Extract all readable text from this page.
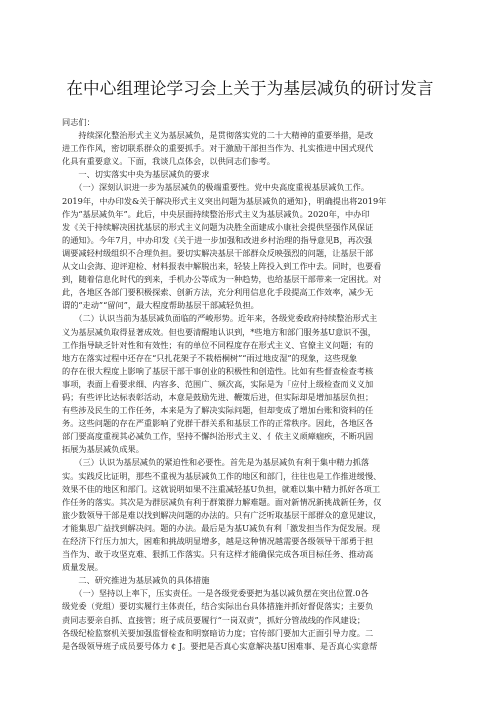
在中心组理论学习会上关于为基层减负的研讨发言
同志们：

　　持续深化整治形式主义为基层减负，是贯彻落实党的二十大精神的重要举措，是改
进工作作风，密切联系群众的重要抓手。对于激励干部担当作为、扎实推进中国式现代
化具有重要意义。下面，我谈几点体会，以供同志们参考。

　　一、切实落实中央为基层减负的要求

　　（一）深刻认识进一步为基层减负的极端重要性。党中央高度重视基层减负工作。
2019年，中办印发&关于解决形式主义突出问题为基层减负的通知}，明确提出将2019年
作为“基层减负年”。此后，中央层面持续整治形式主义为基层减负。2020年，中办印
发《关于持续解决困扰基层的形式主义问题为决胜全面建成小康社会提供坚强作风保证
的通知》。今年7月，中办印发《关于进一步加强和改进乡村治理的指导意见B，再次强
调要减轻村级组织不合理负担。要切实解决基层干部群众反映强烈的问题，让基层干部
从文山会海、迎评迎检、材料报表中解脱出来，轻装上阵投入到工作中去。同时，也要看
到，随着信息化时代的到来，手机办公等成为一种趋势，也给基层干部带来一定困扰。对
此，各地区各部门要积极探索、创新方法，充分利用信息化手段提高工作效率，减少无
谓的“走动”“留问”，最大程度帮助基层干部减轻负担。

　　（二）认识当前为基层减负面临的严峻形势。近年来，各级党委政府持续整治形式主
义为基层减负取得显著成效。但也要清醒地认识到，*些地方和部门服务基U意识不强，
工作指导缺乏针对性和有效性；有的单位不同程度存在形式主义、官僚主义问题；有的
地方在落实过程中还存在“只扎花架子不栽梧桐树”“雨过地皮湿”的现象，这些现象
的存在很大程度上影响了基层干部干事创业的积极性和创造性。比如有些督查检查考核
事项，表面上看要求细、内容多、范围广、频次高，实际是为「应付上级检查而义义加
码；有些评比达标表彰活动，本意是鼓励先进、鞭策后进，但实际却是增加基层负担；
有些涉及民生的工作任务，本来是为了解决实际问题，但却变成了增加台账和资料的任
务。这些问题的存在严重影响了党群干群关系和基层工作的正常秩序。因此，各地区各
部门要高度重视其必减负工作，坚持不懈纠治形式主义、亻依主义顽瘴痼疾，不断巩固
拓展为基层减负成果。

　　（三）认识为基层减负的紧迫性和必要性。首先是为基层减负有利于集中精力抓落
实。实践反比证明，那些不重视为基层减负工作的地区和部门，往往也是工作推进缓慢、
效果不佳的地区和部门。这就说明如果不注重减轻基U负担，就难以集中精力抓好各项工
作任务的落实。其次是为群层减负有利于群策群力解难题。面对新情况新挑战新任务，仅
旅少数领导干部是难以找到解决问题的办法的。只有广泛听取基层干部群众的意见建议，
才能集思广益找到解决问。题的办法。最后是为基U减负有利「激发担当作为促发展。现
在经济下行压力加大，困难和挑战明显增多，越是这种情况越需要各级领导干部勇于担
当作为、敢于攻坚克难、狠抓工作落实。只有这样才能确保完成各项目标任务、推动高
质量发展。

　　二、研究推进为基层减负的具体措施

　　（一）坚持以上率下，压实责任。一是各级党委要把为基以减负摆在突出位置.0各
级党委（党组）要切实履行主体责任，结合实际出台具体措施并抓好督促落实；主要负
责同志要亲自抓、直接管；班子成员要履行“一岗双责”，抓好分管战线的作风建设；
各级纪检监察机关要加强监督检查和明察暗访力度；官传部门要加大正面引导力度。二
是各级领导班子成员要号体力 ¢ J。要把是否真心实意解决基U困难事、是否真心实意帮
